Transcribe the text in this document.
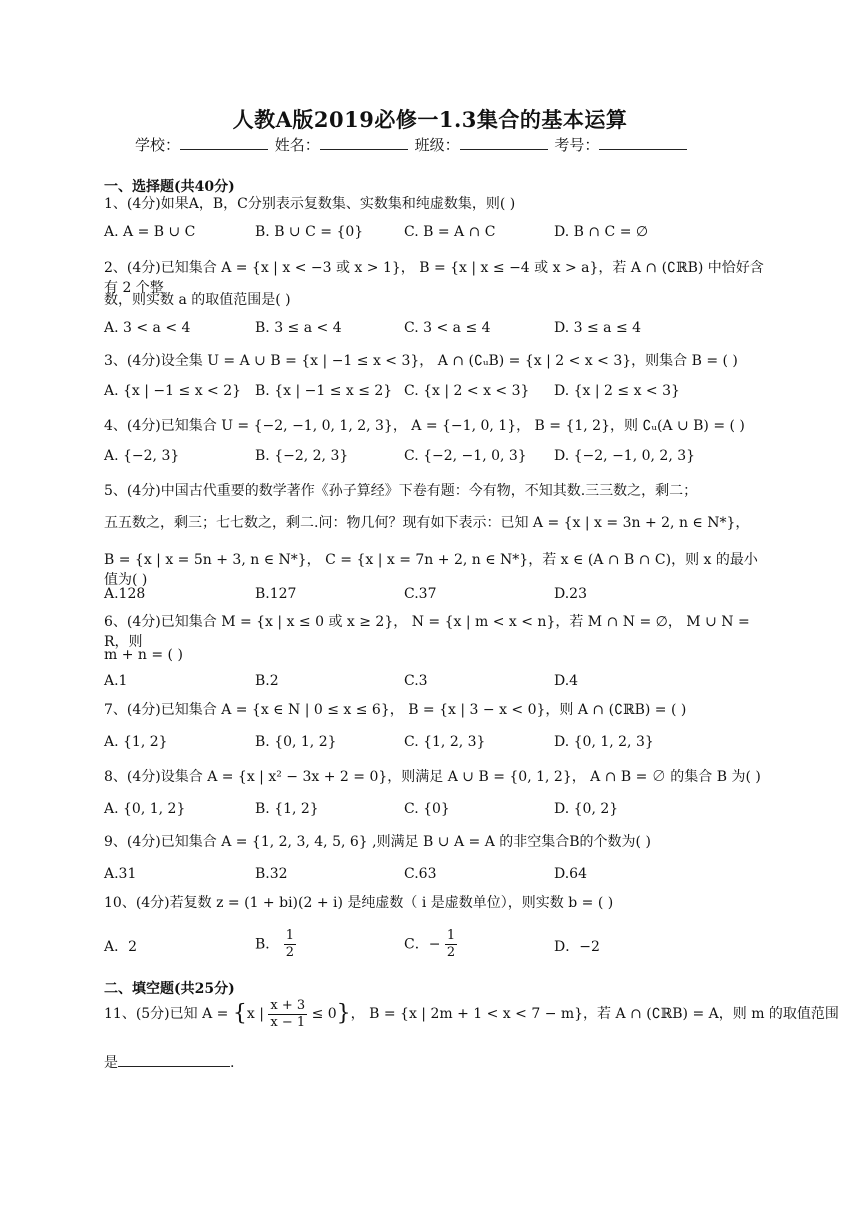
人教A版2019必修一1.3集合的基本运算
学校：	姓名：	班级：	考号：
一、选择题(共40分)
1、(4分)如果A，B，C分别表示复数集、实数集和纯虚数集，则( )
A. A = B ∪ C	B. B ∪ C = {0}	C. B = A ∩ C	D. B ∩ C = ∅
2、(4分)已知集合 A = {x | x < −3 或 x > 1}， B = {x | x ≤ −4 或 x > a}，若 A ∩ (∁ℝB) 中恰好含有 2 个整
数，则实数 a 的取值范围是( )
A. 3 < a < 4	B. 3 ≤ a < 4	C. 3 < a ≤ 4	D. 3 ≤ a ≤ 4
3、(4分)设全集 U = A ∪ B = {x | −1 ≤ x < 3}， A ∩ (∁ᵤB) = {x | 2 < x < 3}，则集合 B = ( )
A. {x | −1 ≤ x < 2} B. {x | −1 ≤ x ≤ 2} C. {x | 2 < x < 3} D. {x | 2 ≤ x < 3}
4、(4分)已知集合 U = {−2, −1, 0, 1, 2, 3}， A = {−1, 0, 1}， B = {1, 2}，则 ∁ᵤ(A ∪ B) = ( )
A. {−2, 3}	B. {−2, 2, 3}	C. {−2, −1, 0, 3} D. {−2, −1, 0, 2, 3}
5、(4分)中国古代重要的数学著作《孙子算经》下卷有题：今有物，不知其数.三三数之，剩二；
五五数之，剩三；七七数之，剩二.问：物几何？现有如下表示：已知 A = {x | x = 3n + 2, n ∈ N*}，
B = {x | x = 5n + 3, n ∈ N*}， C = {x | x = 7n + 2, n ∈ N*}，若 x ∈ (A ∩ B ∩ C)，则 x 的最小值为( )
A.128	B.127	C.37	D.23
6、(4分)已知集合 M = {x | x ≤ 0 或 x ≥ 2}， N = {x | m < x < n}，若 M ∩ N = ∅， M ∪ N = R，则
m + n = ( )
A.1	B.2	C.3	D.4
7、(4分)已知集合 A = {x ∈ N | 0 ≤ x ≤ 6}， B = {x | 3 − x < 0}，则 A ∩ (∁ℝB) = ( )
A. {1, 2}	B. {0, 1, 2}	C. {1, 2, 3}	D. {0, 1, 2, 3}
8、(4分)设集合 A = {x | x² − 3x + 2 = 0}，则满足 A ∪ B = {0, 1, 2}， A ∩ B = ∅ 的集合 B 为( )
A. {0, 1, 2}	B. {1, 2}	C. {0}	D. {0, 2}
9、(4分)已知集合 A = {1, 2, 3, 4, 5, 6} ,则满足 B ∪ A = A 的非空集合B的个数为( )
A.31	B.32	C.63	D.64
10、(4分)若复数 z = (1 + bi)(2 + i) 是纯虚数（ i 是虚数单位），则实数 b = ( )
A．2	B． $\frac{1}{2}$	C．− $\frac{1}{2}$	D．−2
二、填空题(共25分)
11、(5分)已知 A = {x | $\frac{x + 3}{x - 1} \le 0$}， B = {x | 2m + 1 < x < 7 − m}，若 A ∩ (∁ℝB) = A，则 m 的取值范围
是	.
